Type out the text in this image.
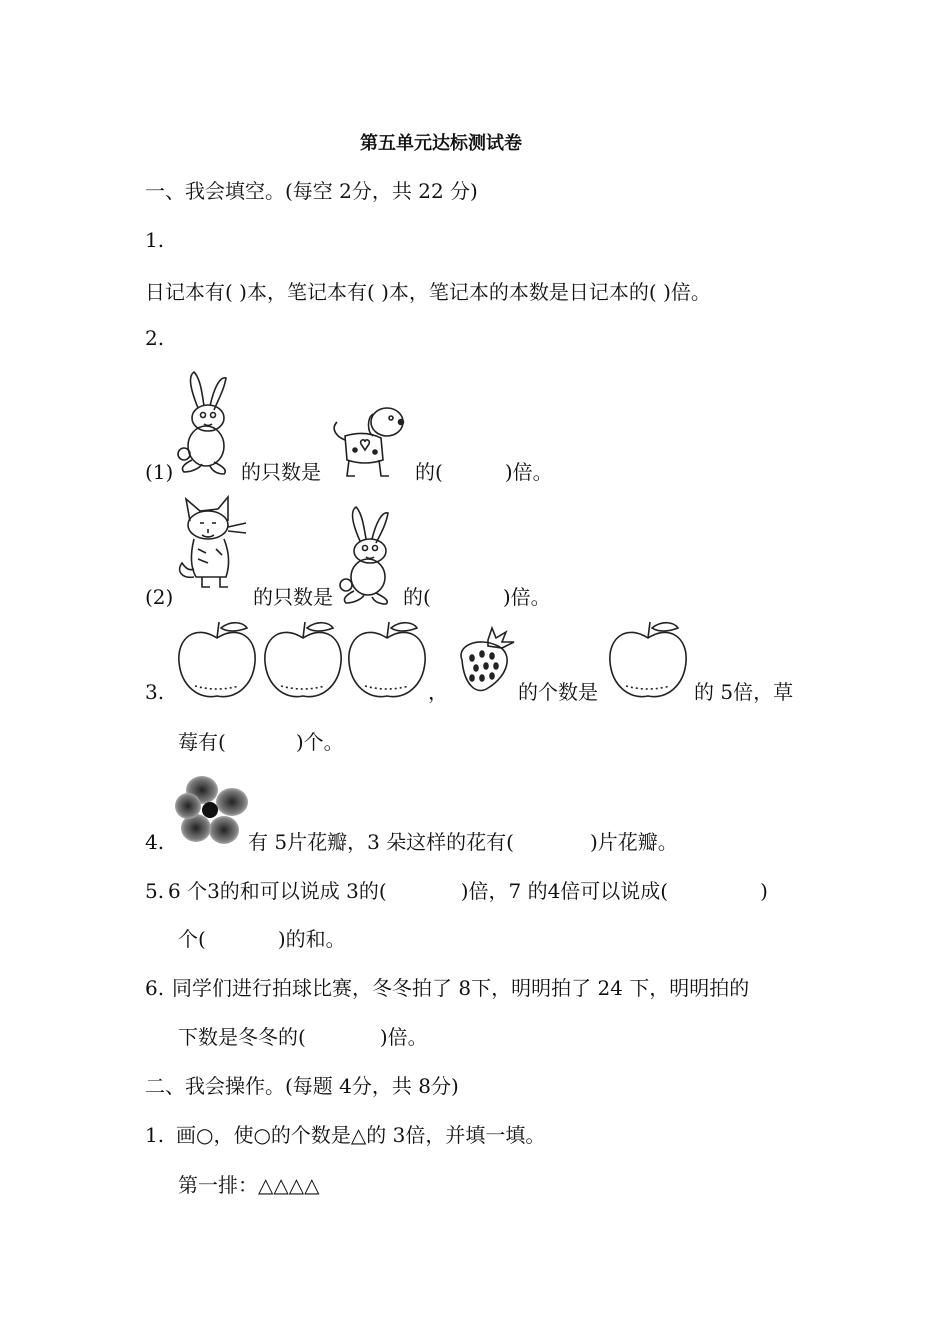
第五单元达标测试卷
一、我会填空。(每空 2分，共 22 分)
1.
日记本有( )本，笔记本有( )本，笔记本的本数是日记本的( )倍。
2.
(1)	的只数是	的(	)倍。
(2)	的只数是	的(	)倍。
3.	，	的个数是	的 5倍，草
莓有(	)个。
4.	有 5片花瓣，3 朵这样的花有(	)片花瓣。
5. 6 个3的和可以说成 3的(	)倍，7 的4倍可以说成(	)
个(	)的和。
6. 同学们进行拍球比赛，冬冬拍了 8下，明明拍了 24 下，明明拍的
下数是冬冬的(	)倍。
二、我会操作。(每题 4分，共 8分)
1. 画○，使○的个数是△的 3倍，并填一填。
第一排：△△△△
